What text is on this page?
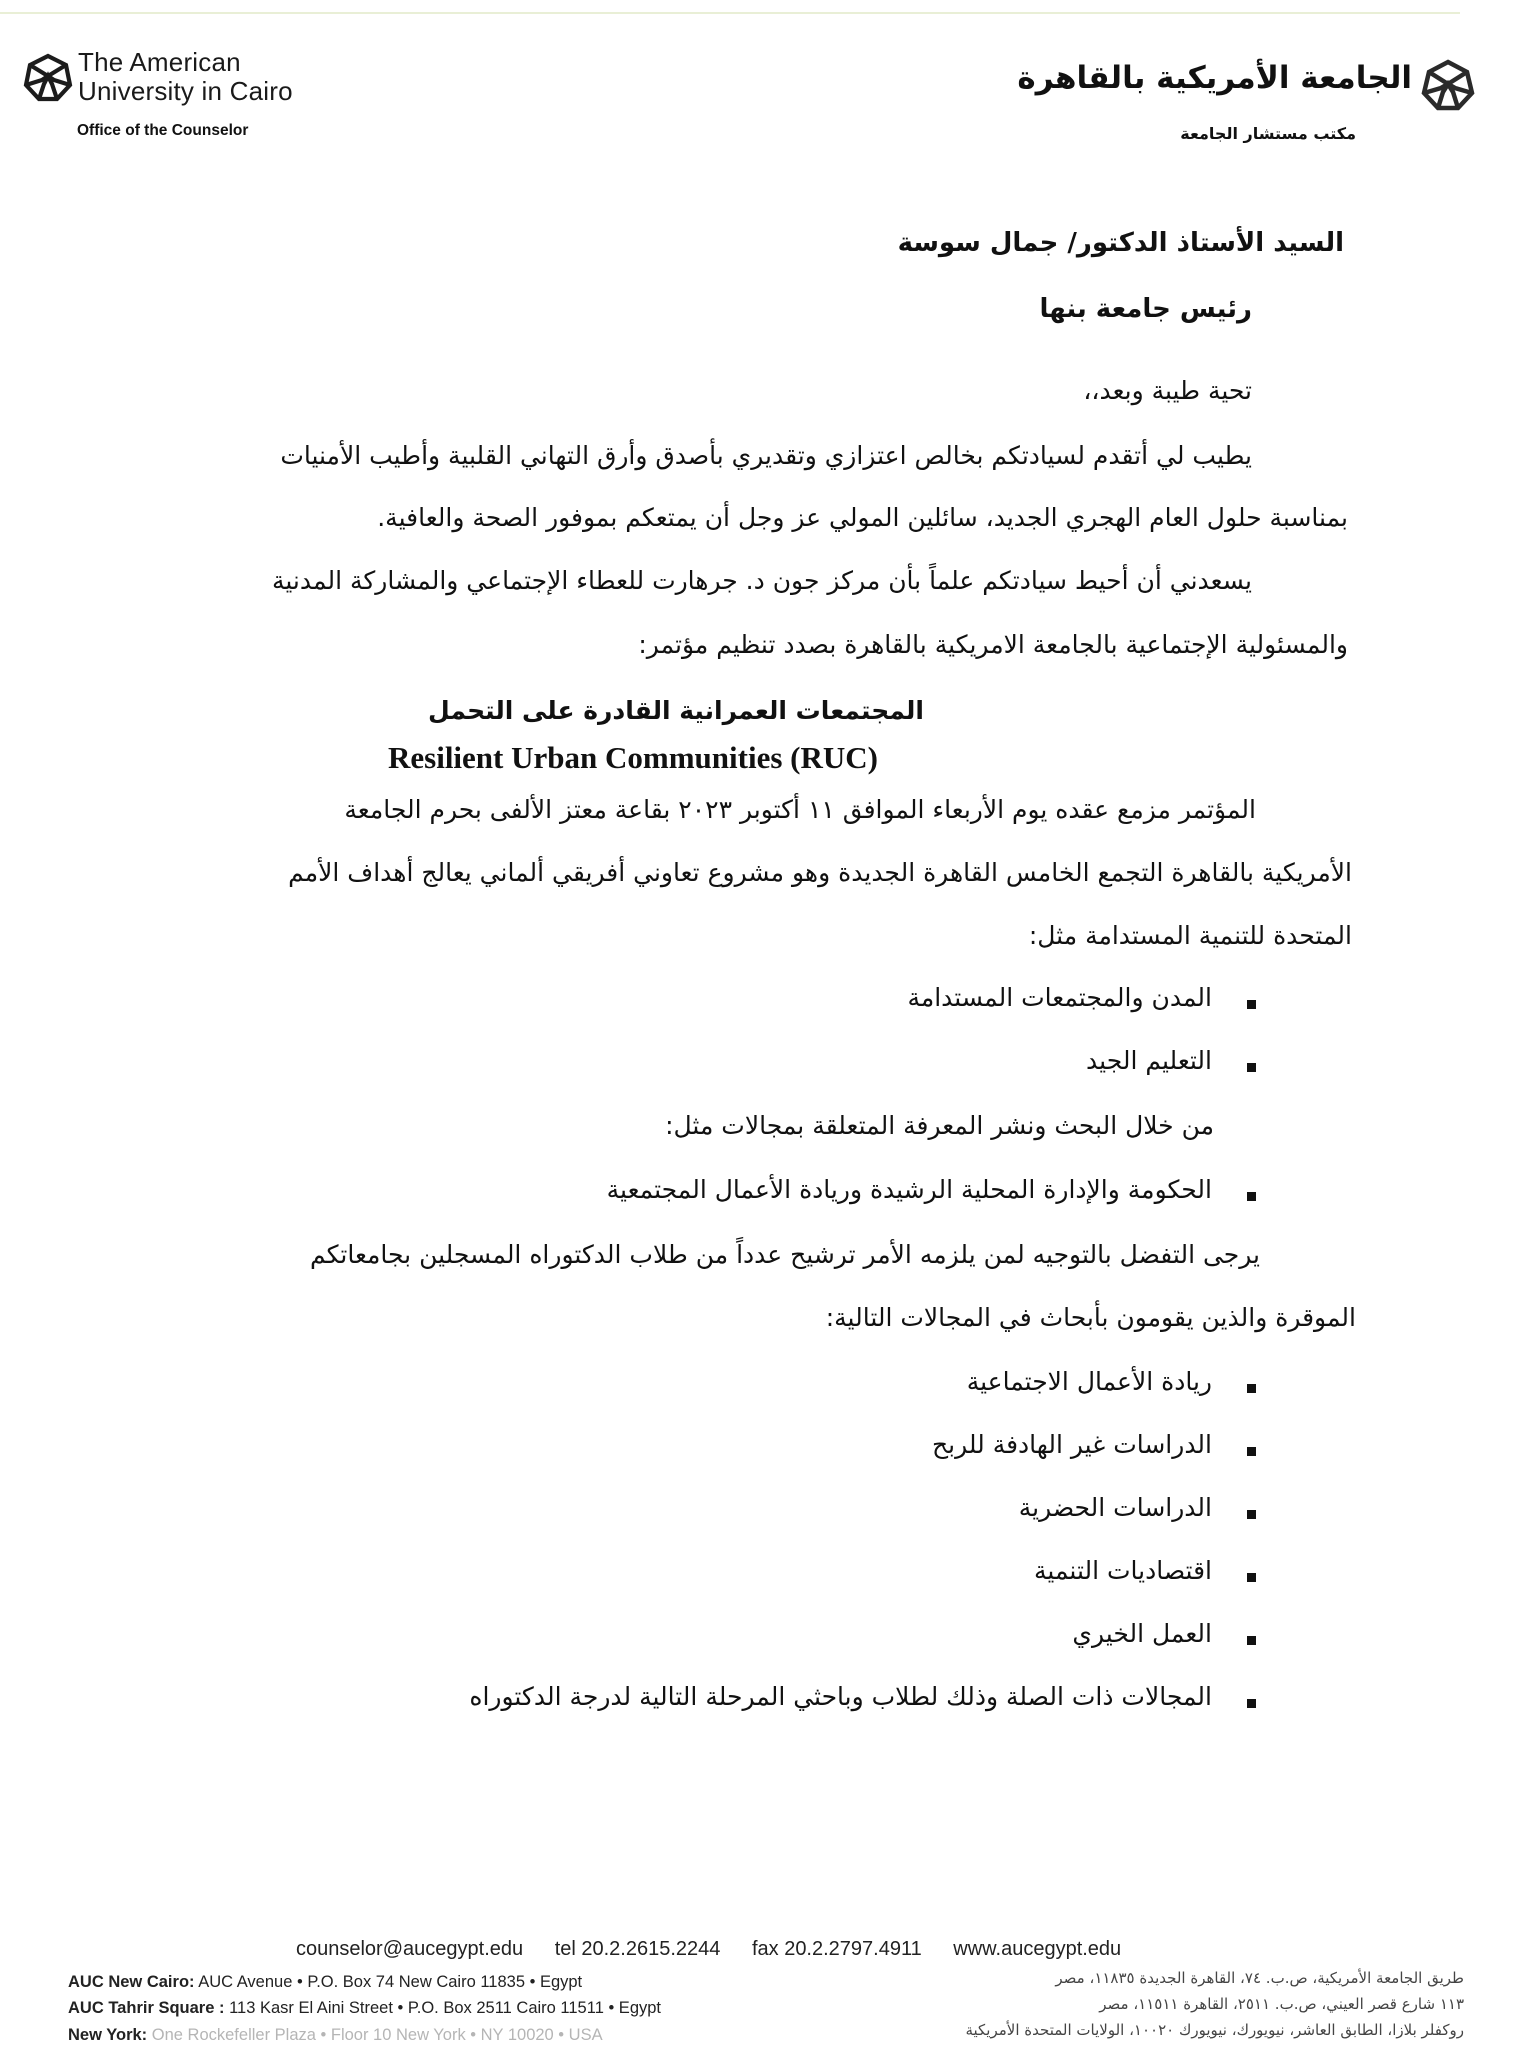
The American
University in Cairo
Office of the Counselor
الجامعة الأمريكية بالقاهرة
مكتب مستشار الجامعة
السيد الأستاذ الدكتور/ جمال سوسة
رئيس جامعة بنها
تحية طيبة وبعد،،
يطيب لي أتقدم لسيادتكم بخالص اعتزازي وتقديري بأصدق وأرق التهاني القلبية وأطيب الأمنيات
بمناسبة حلول العام الهجري الجديد، سائلين المولي عز وجل أن يمتعكم بموفور الصحة والعافية.
يسعدني أن أحيط سيادتكم علماً بأن مركز جون د. جرهارت للعطاء الإجتماعي والمشاركة المدنية
والمسئولية الإجتماعية بالجامعة الامريكية بالقاهرة بصدد تنظيم مؤتمر:
المجتمعات العمرانية القادرة على التحمل
Resilient Urban Communities (RUC)
المؤتمر مزمع عقده يوم الأربعاء الموافق ١١ أكتوبر ٢٠٢٣ بقاعة معتز الألفى بحرم الجامعة
الأمريكية بالقاهرة التجمع الخامس القاهرة الجديدة وهو مشروع تعاوني أفريقي ألماني يعالج أهداف الأمم
المتحدة للتنمية المستدامة مثل:
المدن والمجتمعات المستدامة
التعليم الجيد
من خلال البحث ونشر المعرفة المتعلقة بمجالات مثل:
الحكومة والإدارة المحلية الرشيدة وريادة الأعمال المجتمعية
يرجى التفضل بالتوجيه لمن يلزمه الأمر ترشيح عدداً من طلاب الدكتوراه المسجلين بجامعاتكم
الموقرة والذين يقومون بأبحاث في المجالات التالية:
ريادة الأعمال الاجتماعية
الدراسات غير الهادفة للربح
الدراسات الحضرية
اقتصاديات التنمية
العمل الخيري
المجالات ذات الصلة وذلك لطلاب وباحثي المرحلة التالية لدرجة الدكتوراه
counselor@aucegypt.edu tel 20.2.2615.2244 fax 20.2.2797.4911 www.aucegypt.edu
AUC New Cairo: AUC Avenue • P.O. Box 74 New Cairo 11835 • Egypt
AUC Tahrir Square : 113 Kasr El Aini Street • P.O. Box 2511 Cairo 11511 • Egypt
New York: One Rockefeller Plaza • Floor 10 New York • NY 10020 • USA
طريق الجامعة الأمريكية، ص.ب. ٧٤، القاهرة الجديدة ١١٨٣٥، مصر
١١٣ شارع قصر العيني، ص.ب. ٢٥١١، القاهرة ١١٥١١، مصر
روكفلر بلازا، الطابق العاشر، نيويورك، نيويورك ١٠٠٢٠، الولايات المتحدة الأمريكية
